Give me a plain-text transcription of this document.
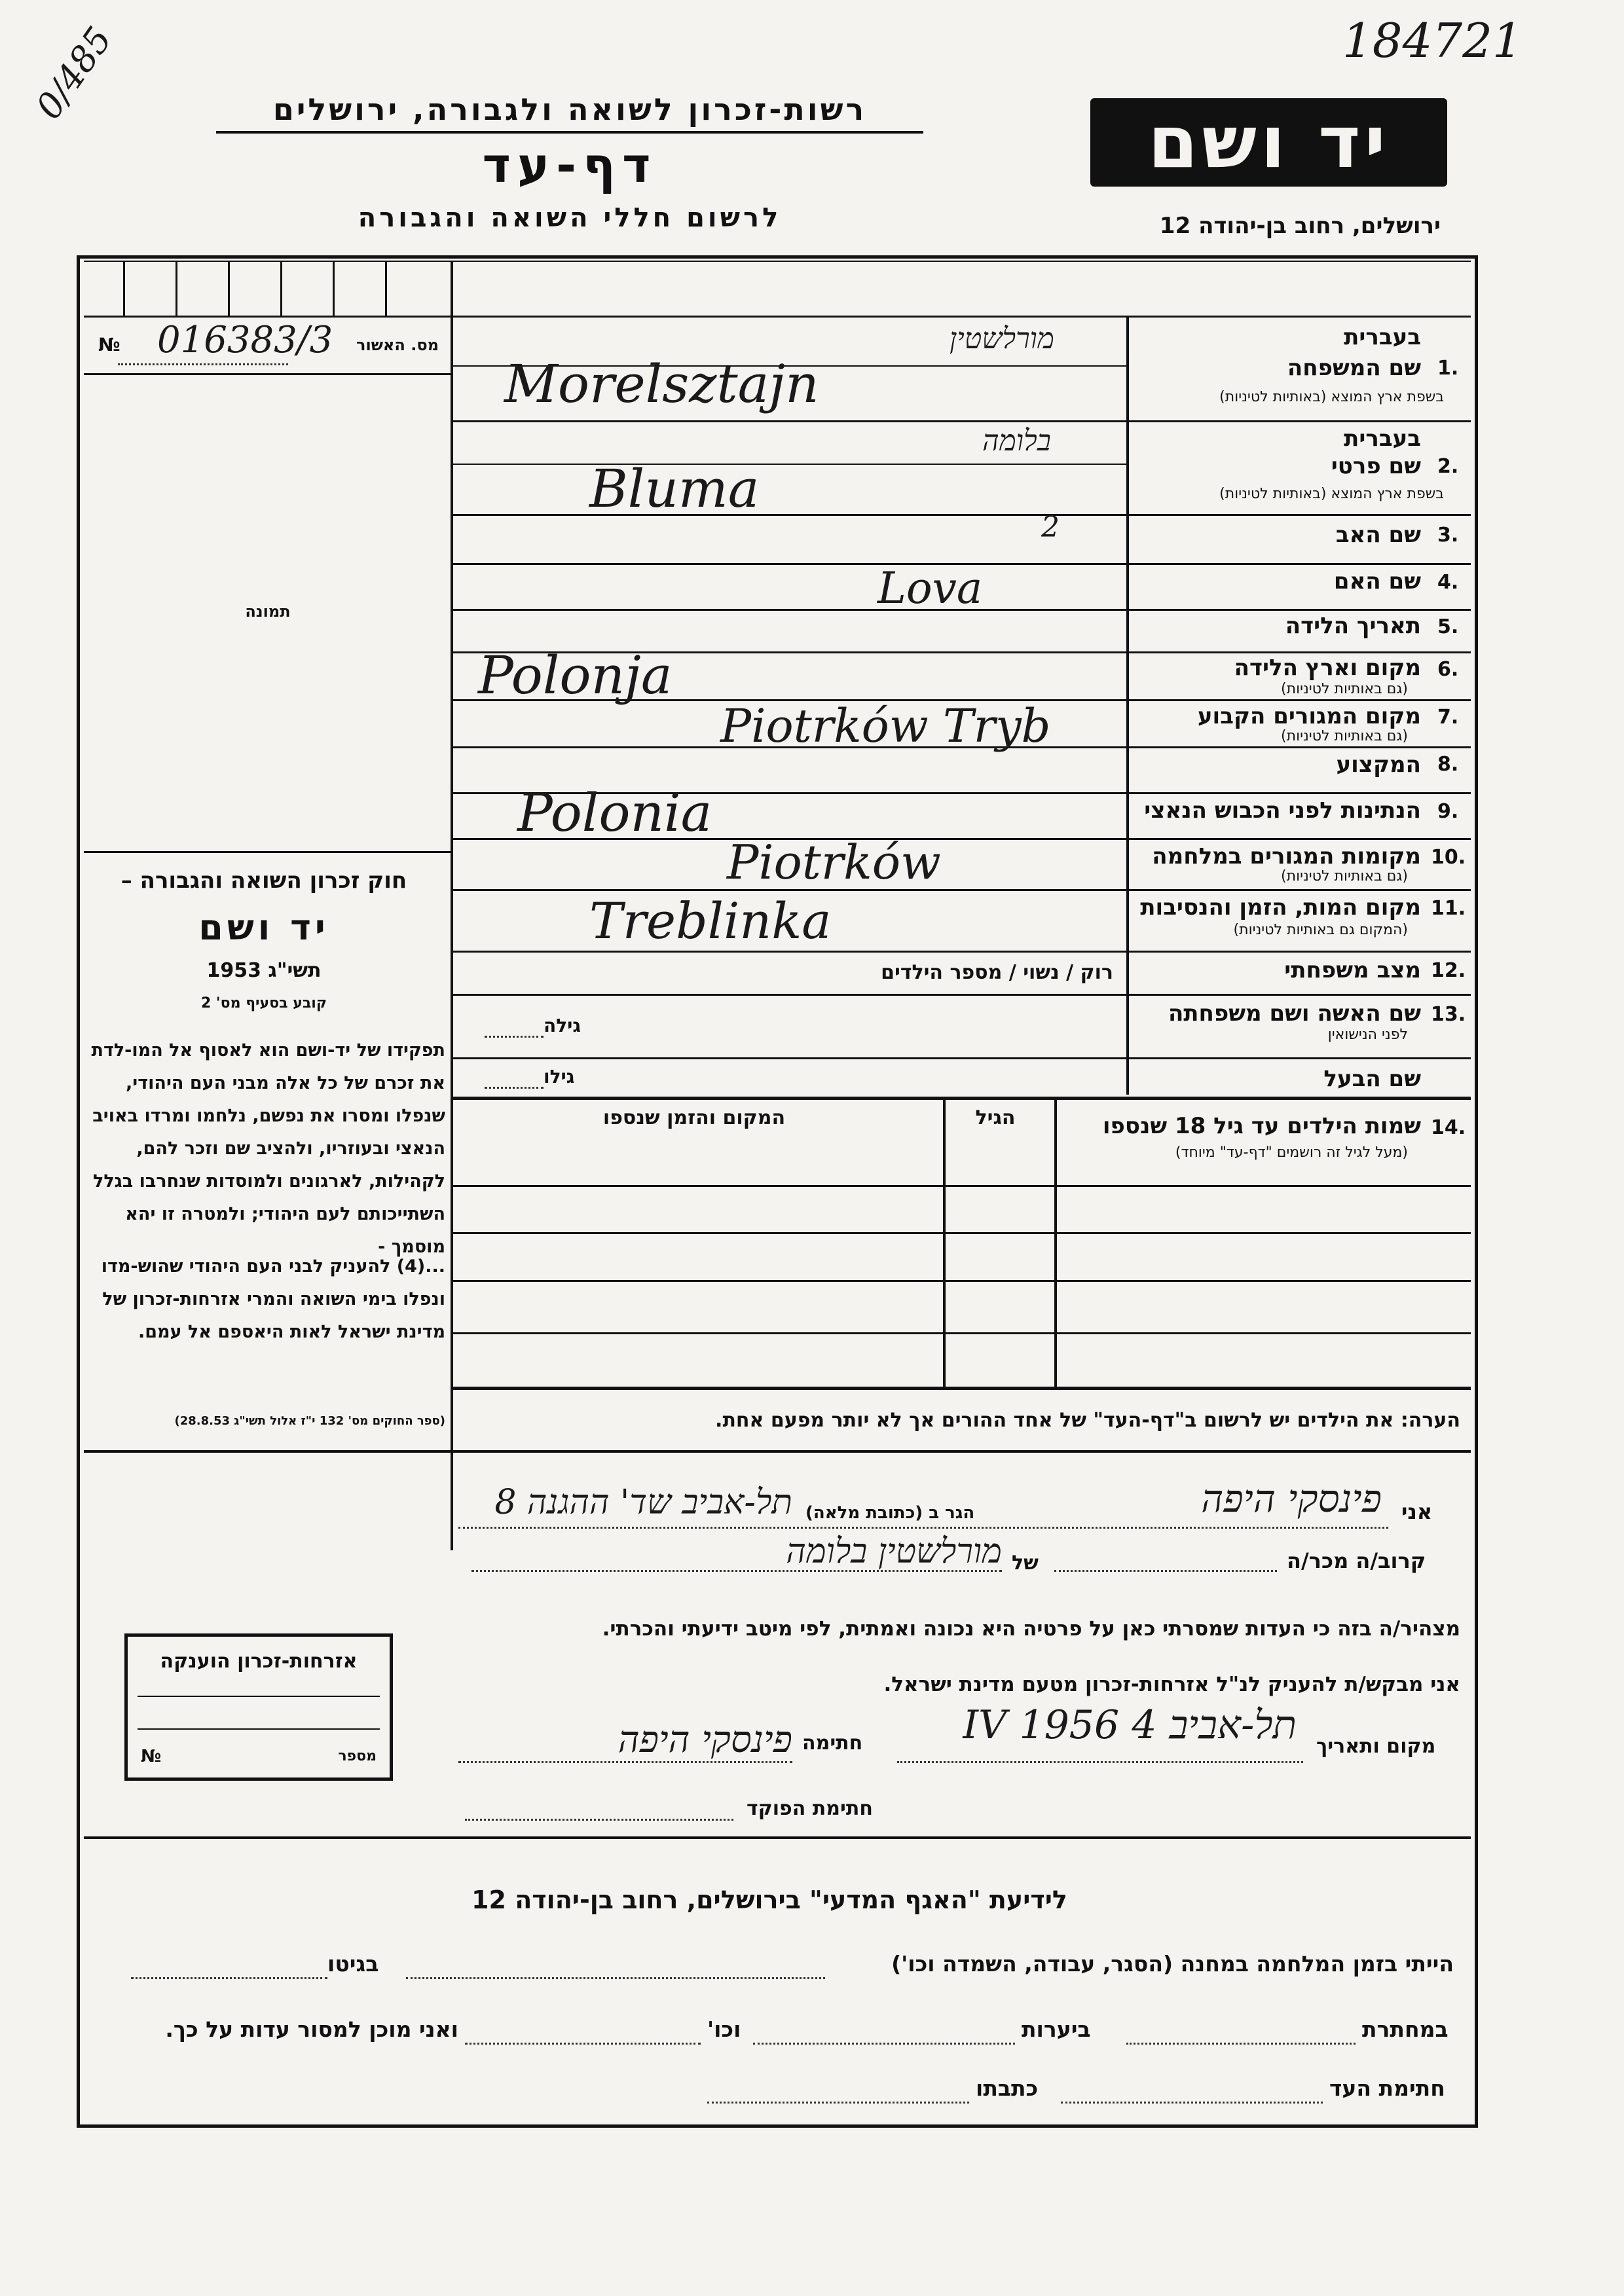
184721
0/485
יד ושם
רשות-זכרון לשואה ולגבורה, ירושלים
דף-עד
לרשום חללי השואה והגבורה	ירושלים, רחוב בן-יהודה 12
№ 016383/3 מס. האשור
תמונה
חוק זכרון השואה והגבורה –
יד ושם
תשי"ג 1953
קובע בסעיף מס' 2
תפקידו של יד-ושם הוא לאסוף אל המו-לדת את זכרם של כל אלה מבני העם היהודי, שנפלו ומסרו את נפשם, נלחמו ומרדו באויב הנאצי ובעוזריו, ולהציב שם וזכר להם, לקהילות, לארגונים ולמוסדות שנחרבו בגלל השתייכותם לעם היהודי; ולמטרה זו יהא מוסמך -
...(4) להעניק לבני העם היהודי שהוש-מדו ונפלו בימי השואה והמרי אזרחות-זכרון של מדינת ישראל לאות היאספם אל עמם.
(ספר החוקים מס' 132 י"ז אלול תשי"ג 28.8.53)
בעברית
1.
שם המשפחה
בשפת ארץ המוצא (באותיות לטיניות)
מורלשטין
Morelsztajn
בעברית
2.
שם פרטי
בשפת ארץ המוצא (באותיות לטיניות)
בלומה
Bluma
3.
שם האב
2
4.
שם האם
Lova
5.
תאריך הלידה
6.
מקום וארץ הלידה
(גם באותיות לטיניות)
Polonja
7.
מקום המגורים הקבוע
(גם באותיות לטיניות)
Piotrków Tryb
8.
המקצוע
9.
הנתינות לפני הכבוש הנאצי
Polonia
10.
מקומות המגורים במלחמה
(גם באותיות לטיניות)
Piotrków
11.
מקום המות, הזמן והנסיבות
(המקום גם באותיות לטיניות)
Treblinka
12.
מצב משפחתי
רוק / נשוי / מספר הילדים
13.
שם האשה ושם משפחתה
לפני הנישואין
גילה
שם הבעל
גילו
14.
שמות הילדים עד גיל 18 שנספו
(מעל לגיל זה רושמים "דף-עד" מיוחד)
הגיל
המקום והזמן שנספו
הערה: את הילדים יש לרשום ב"דף-העד" של אחד ההורים אך לא יותר מפעם אחת.
אני
פינסקי היפה
הגר ב (כתובת מלאה)
תל-אביב שד' ההגנה 8
קרוב/ה מכר/ה
של
מורלשטין בלומה
מצהיר/ה בזה כי העדות שמסרתי כאן על פרטיה היא נכונה ואמתית, לפי מיטב ידיעתי והכרתי.
אני מבקש/ת להעניק לנ"ל אזרחות-זכרון מטעם מדינת ישראל.
מקום ותאריך
תל-אביב 4 IV 1956
חתימה
פינסקי היפה
חתימת הפוקד
אזרחות-זכרון הוענקה
מספר
№
לידיעת "האגף המדעי" בירושלים, רחוב בן-יהודה 12
הייתי בזמן המלחמה במחנה (הסגר, עבודה, השמדה וכו')
בגיטו
במחתרת
ביערות
וכו'
ואני מוכן למסור עדות על כך.
חתימת העד
כתבתו
